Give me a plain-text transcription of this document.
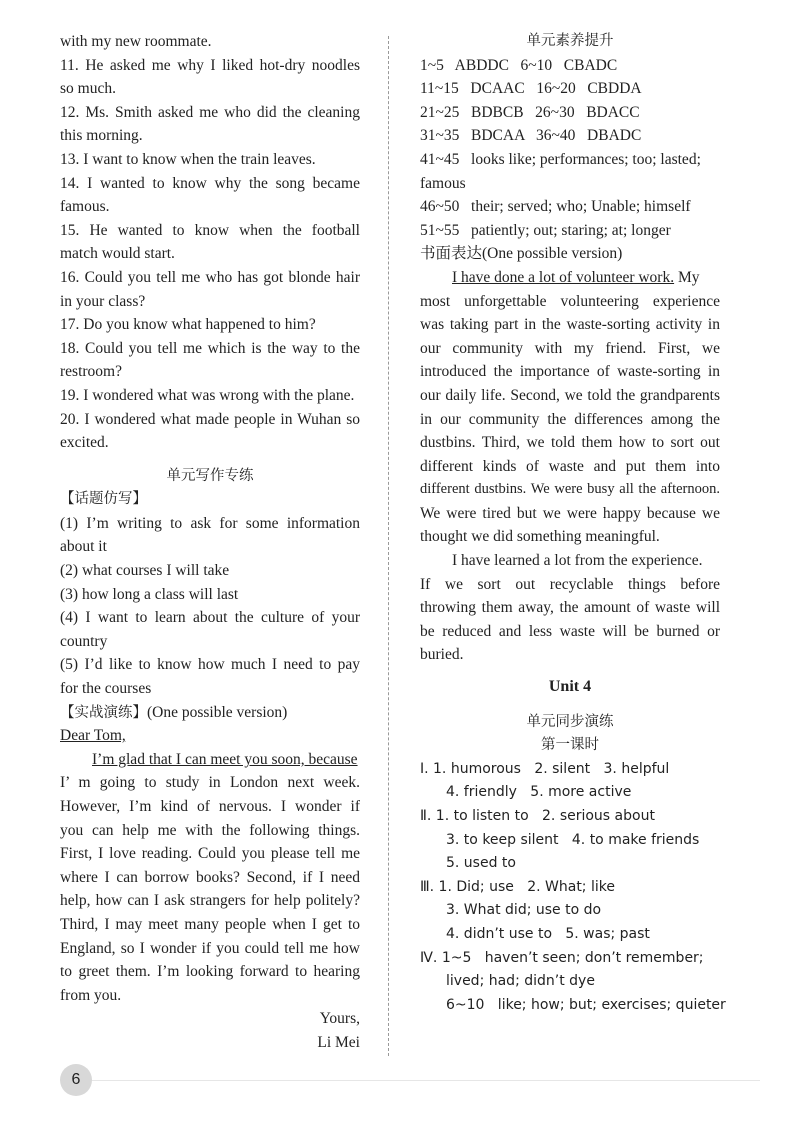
with my new roommate.
11. He asked me why I liked hot-dry noodles
so much.
12. Ms. Smith asked me who did the cleaning
this morning.
13. I want to know when the train leaves.
14. I wanted to know why the song became
famous.
15. He wanted to know when the football
match would start.
16. Could you tell me who has got blonde hair
in your class?
17. Do you know what happened to him?
18. Could you tell me which is the way to the
restroom?
19. I wondered what was wrong with the plane.
20. I wondered what made people in Wuhan so
excited.
单元写作专练
【话题仿写】
(1) I’m writing to ask for some information
about it
(2) what courses I will take
(3) how long a class will last
(4) I want to learn about the culture of your
country
(5) I’d like to know how much I need to pay
for the courses
【实战演练】(One possible version)
Dear Tom,
I’m glad that I can meet you soon, because
I’ m going to study in London next week.
However, I’m kind of nervous. I wonder if
you can help me with the following things.
First, I love reading. Could you please tell me
where I can borrow books? Second, if I need
help, how can I ask strangers for help politely?
Third, I may meet many people when I get to
England, so I wonder if you could tell me how
to greet them. I’m looking forward to hearing
from you.
Yours,
Li Mei
单元素养提升
1~5   ABDDC   6~10   CBADC
11~15   DCAAC   16~20   CBDDA
21~25   BDBCB   26~30   BDACC
31~35   BDCAA   36~40   DBADC
41~45   looks like; performances; too; lasted;
famous
46~50   their; served; who; Unable; himself
51~55   patiently; out; staring; at; longer
书面表达(One possible version)
I have done a lot of volunteer work. My
most unforgettable volunteering experience
was taking part in the waste-sorting activity in
our community with my friend. First, we
introduced the importance of waste-sorting in
our daily life. Second, we told the grandparents
in our community the differences among the
dustbins. Third, we told them how to sort out
different kinds of waste and put them into
different dustbins. We were busy all the afternoon.
We were tired but we were happy because we
thought we did something meaningful.
I have learned a lot from the experience.
If we sort out recyclable things before
throwing them away, the amount of waste will
be reduced and less waste will be burned or
buried.
Unit 4
单元同步演练
第一课时
Ⅰ. 1. humorous   2. silent   3. helpful
4. friendly   5. more active
Ⅱ. 1. to listen to   2. serious about
3. to keep silent   4. to make friends
5. used to
Ⅲ. 1. Did; use   2. What; like
3. What did; use to do
4. didn’t use to   5. was; past
Ⅳ. 1~5   haven’t seen; don’t remember;
lived; had; didn’t dye
6~10   like; how; but; exercises; quieter
6
